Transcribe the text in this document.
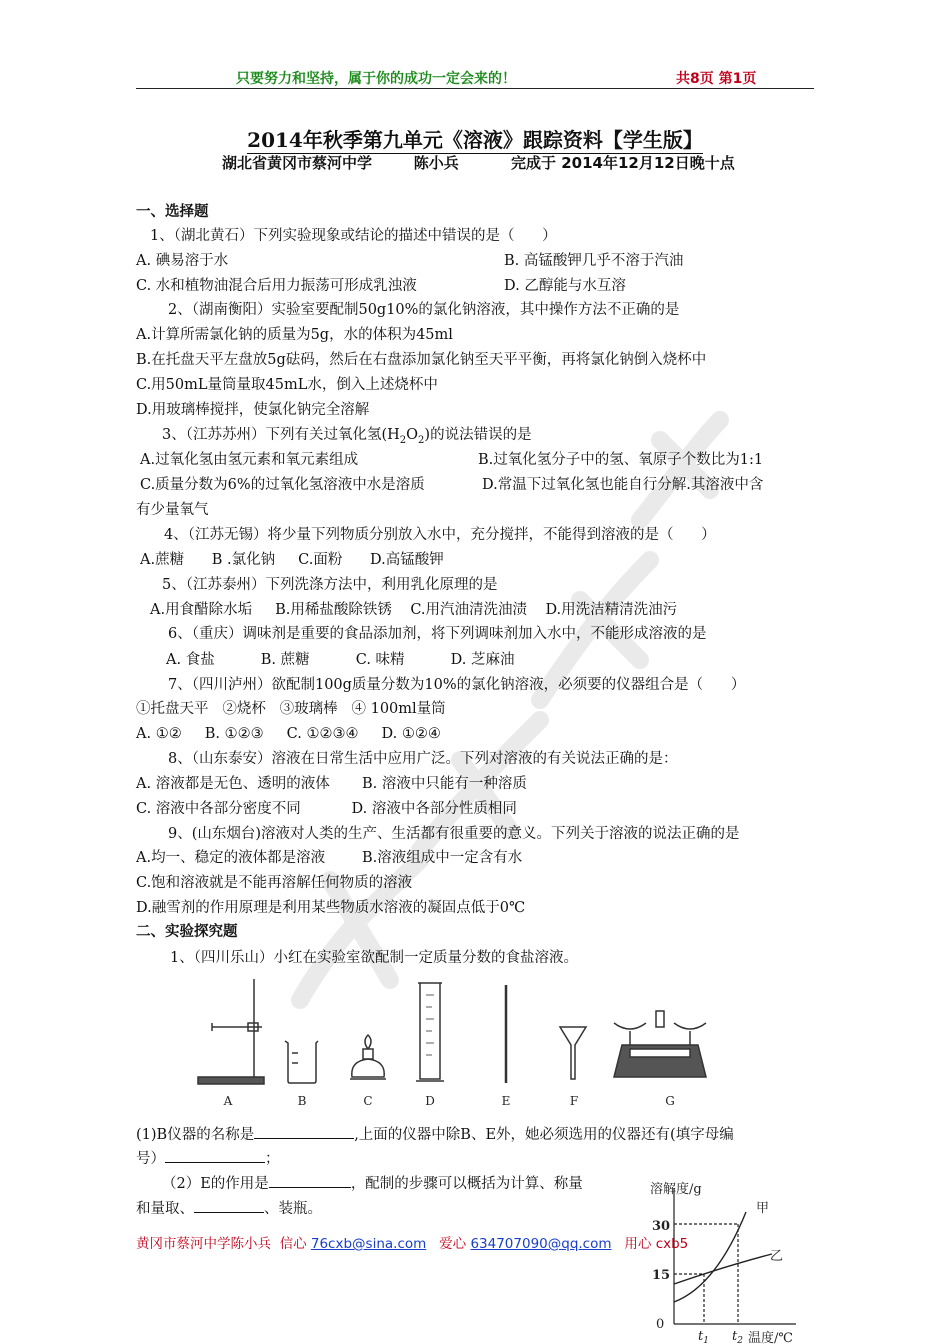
只要努力和坚持，属于你的成功一定会来的！	共8页 第1页
2014年秋季第九单元《溶液》跟踪资料【学生版】
湖北省黄冈市蔡河中学        陈小兵          完成于 2014年12月12日晚十点
一、选择题
1、（湖北黄石）下列实验现象或结论的描述中错误的是（      ）
A. 碘易溶于水	B. 高锰酸钾几乎不溶于汽油
C. 水和植物油混合后用力振荡可形成乳浊液	D. 乙醇能与水互溶
2、（湖南衡阳）实验室要配制50g10%的氯化钠溶液，其中操作方法不正确的是
A.计算所需氯化钠的质量为5g，水的体积为45ml
B.在托盘天平左盘放5g砝码，然后在右盘添加氯化钠至天平平衡，再将氯化钠倒入烧杯中
C.用50mL量筒量取45mL水，倒入上述烧杯中
D.用玻璃棒搅拌，使氯化钠完全溶解
3、（江苏苏州）下列有关过氧化氢$(H_2O_2)$的说法错误的是
A.过氧化氢由氢元素和氧元素组成	B.过氧化氢分子中的氢、氧原子个数比为1:1
C.质量分数为6%的过氧化氢溶液中水是溶质	D.常温下过氧化氢也能自行分解.其溶液中含
有少量氧气
4、（江苏无锡）将少量下列物质分别放入水中，充分搅拌，不能得到溶液的是（      ）
A.蔗糖      B .氯化钠     C.面粉      D.高锰酸钾
5、（江苏泰州）下列洗涤方法中，利用乳化原理的是
A.用食醋除水垢     B.用稀盐酸除铁锈    C.用汽油清洗油渍    D.用洗洁精清洗油污
6、（重庆）调味剂是重要的食品添加剂，将下列调味剂加入水中，不能形成溶液的是
A. 食盐          B. 蔗糖          C. 味精          D. 芝麻油
7、（四川泸州）欲配制100g质量分数为10%的氯化钠溶液，必须要的仪器组合是（      ）
①托盘天平   ②烧杯   ③玻璃棒   ④ 100ml量筒
A. ①②     B. ①②③     C. ①②③④     D. ①②④
8、（山东泰安）溶液在日常生活中应用广泛。下列对溶液的有关说法正确的是：
A. 溶液都是无色、透明的液体       B. 溶液中只能有一种溶质
C. 溶液中各部分密度不同           D. 溶液中各部分性质相同
9、(山东烟台)溶液对人类的生产、生活都有很重要的意义。下列关于溶液的说法正确的是
A.均一、稳定的液体都是溶液        B.溶液组成中一定含有水
C.饱和溶液就是不能再溶解任何物质的溶液
D.融雪剂的作用原理是利用某些物质水溶液的凝固点低于0℃
二、实验探究题
1、（四川乐山）小红在实验室欲配制一定质量分数的食盐溶液。
A	B	C	D	E	F	G
(1)B仪器的名称是	,上面的仪器中除B、E外，她必须选用的仪器还有(填字母编
号）	；
（2）E的作用是	，配制的步骤可以概括为计算、称量
和量取、	、装瓶。
溶解度/g
30
15
0
$t_1$ $t_2$ 温度/℃
甲
乙
黄冈市蔡河中学陈小兵  信心 76cxb@sina.com   爱心 634707090@qq.com   用心 cxb5
